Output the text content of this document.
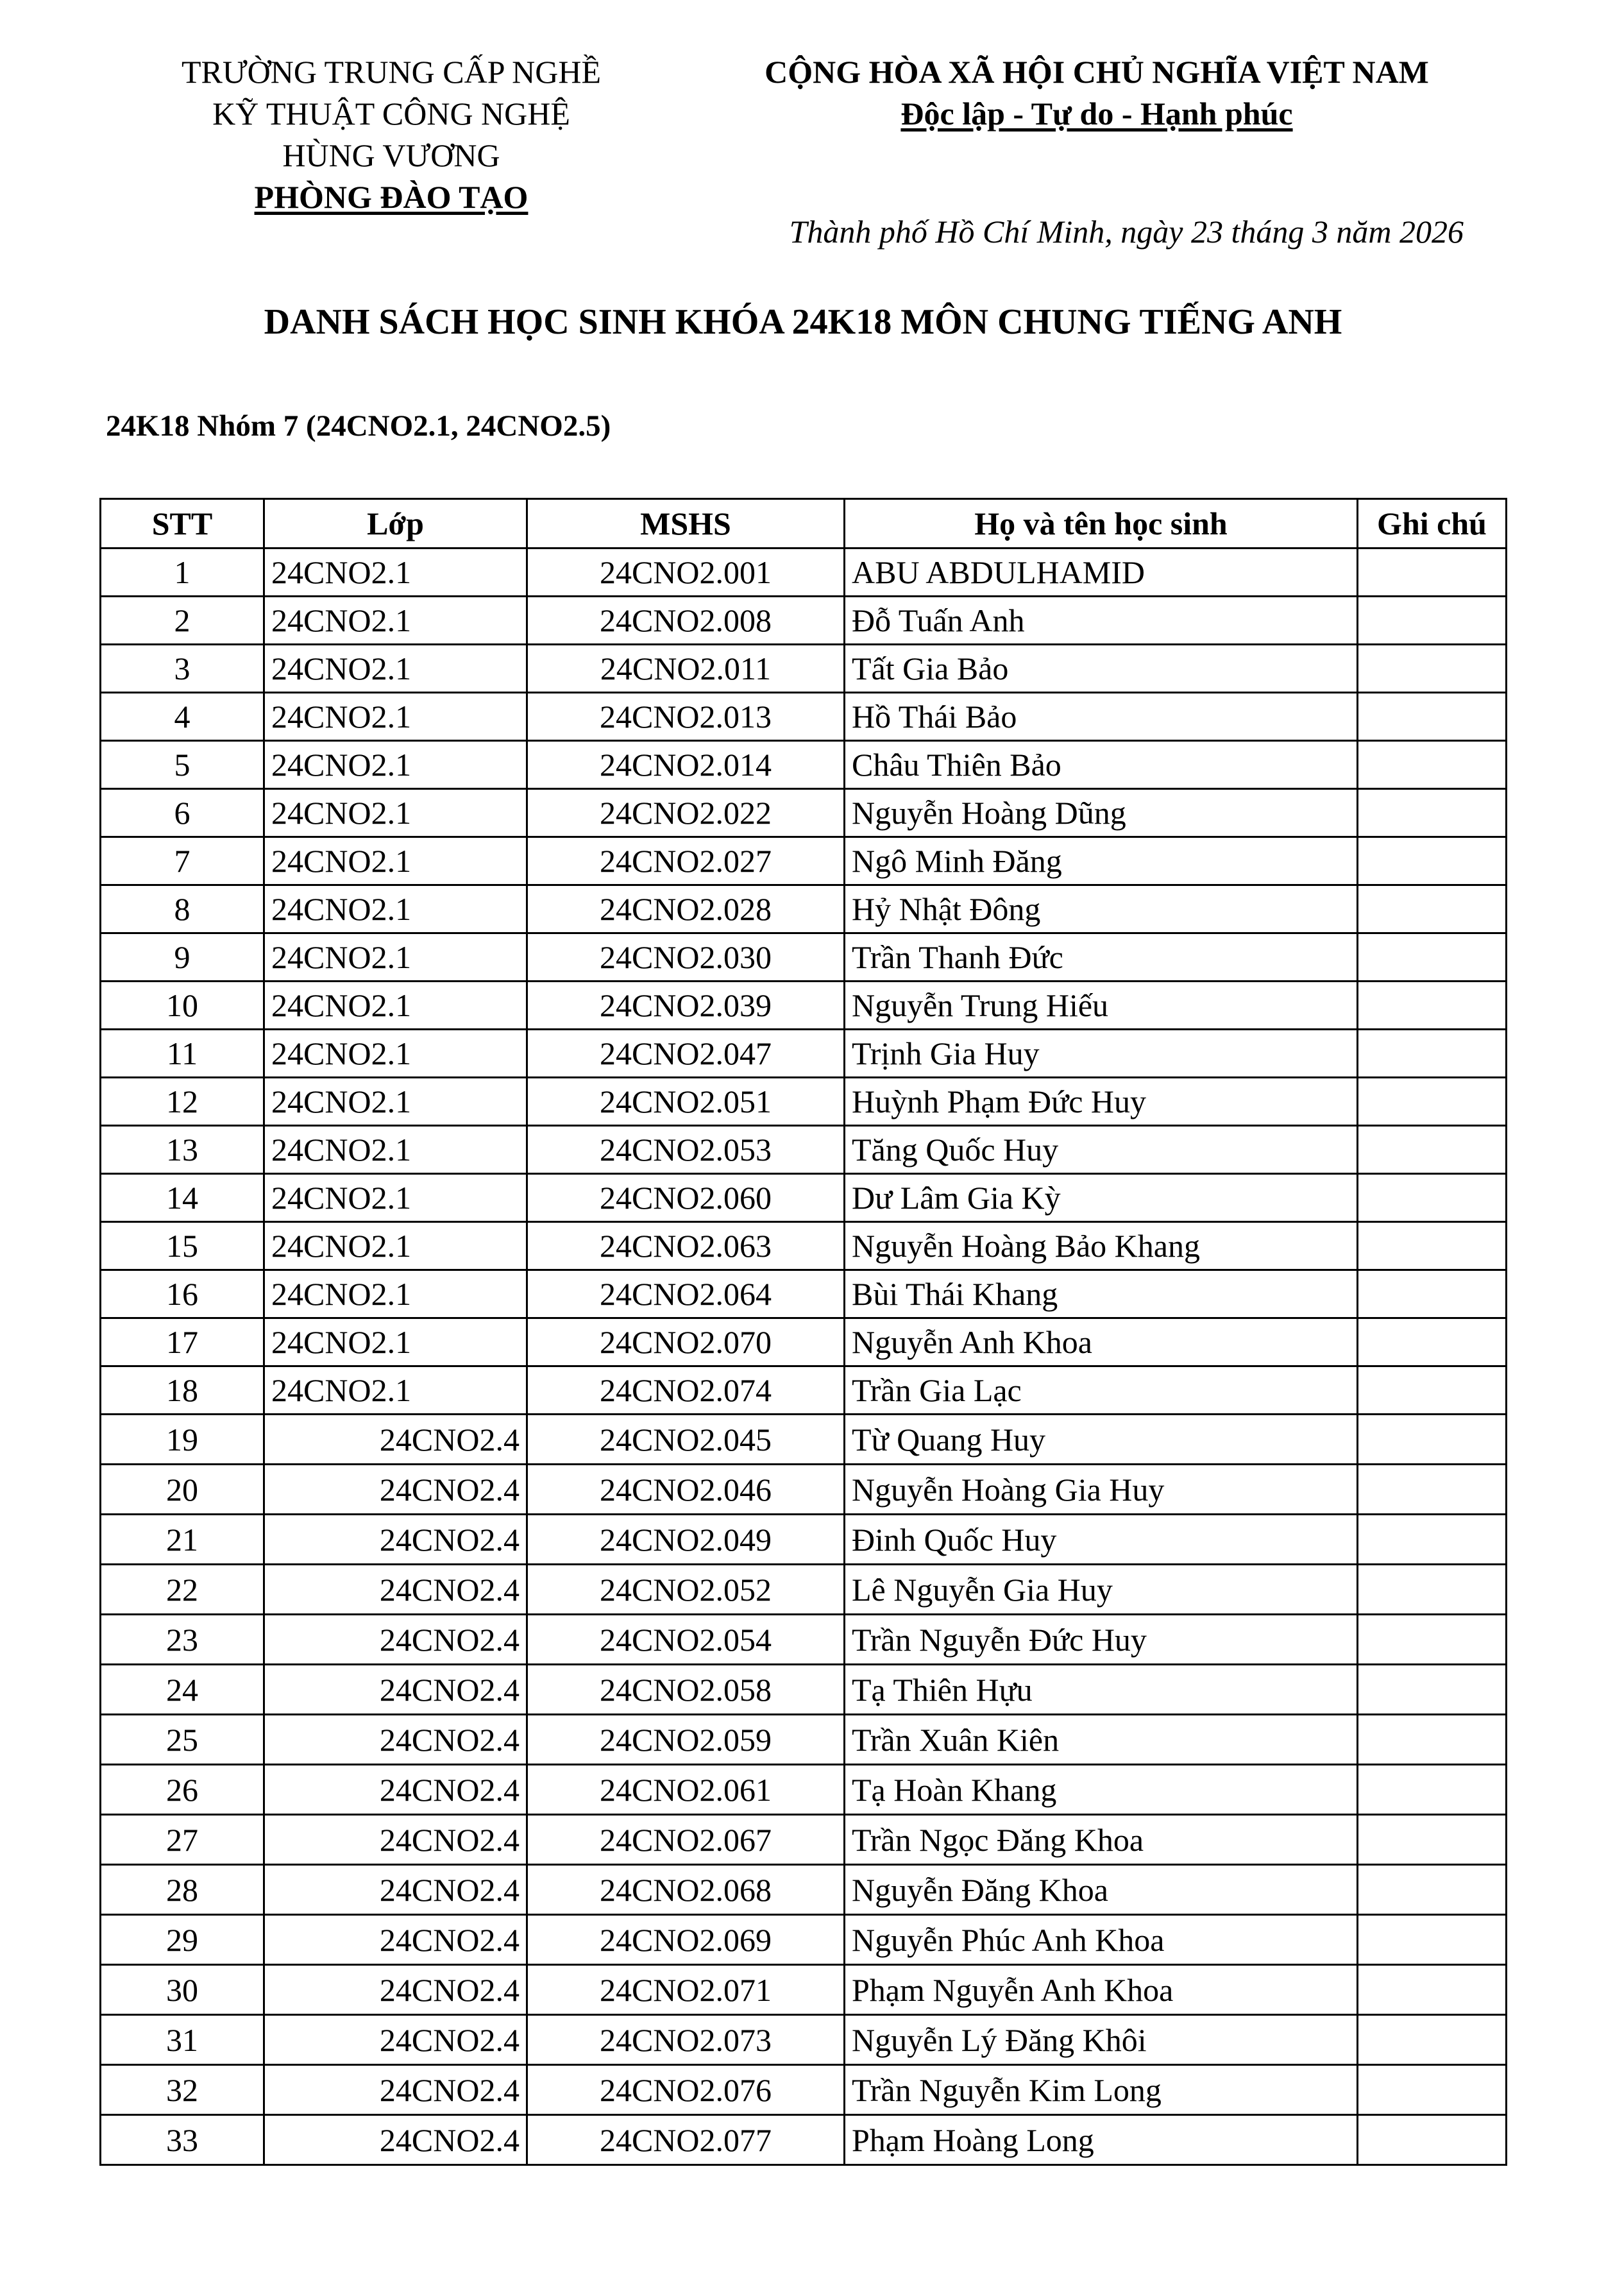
TRƯỜNG TRUNG CẤP NGHỀ
KỸ THUẬT CÔNG NGHỆ
HÙNG VƯƠNG
PHÒNG ĐÀO TẠO
CỘNG HÒA XÃ HỘI CHỦ NGHĨA VIỆT NAM
Độc lập - Tự do - Hạnh phúc
Thành phố Hồ Chí Minh, ngày 23 tháng 3 năm 2026
DANH SÁCH HỌC SINH KHÓA 24K18 MÔN CHUNG TIẾNG ANH
24K18 Nhóm 7 (24CNO2.1, 24CNO2.5)
STT	Lớp	MSHS	Họ và tên học sinh	Ghi chú
1	24CNO2.1	24CNO2.001	ABU ABDULHAMID	
2	24CNO2.1	24CNO2.008	Đỗ Tuấn Anh	
3	24CNO2.1	24CNO2.011	Tất Gia Bảo	
4	24CNO2.1	24CNO2.013	Hồ Thái Bảo	
5	24CNO2.1	24CNO2.014	Châu Thiên Bảo	
6	24CNO2.1	24CNO2.022	Nguyễn Hoàng Dũng	
7	24CNO2.1	24CNO2.027	Ngô Minh Đăng	
8	24CNO2.1	24CNO2.028	Hỷ Nhật Đông	
9	24CNO2.1	24CNO2.030	Trần Thanh Đức	
10	24CNO2.1	24CNO2.039	Nguyễn Trung Hiếu	
11	24CNO2.1	24CNO2.047	Trịnh Gia Huy	
12	24CNO2.1	24CNO2.051	Huỳnh Phạm Đức Huy	
13	24CNO2.1	24CNO2.053	Tăng Quốc Huy	
14	24CNO2.1	24CNO2.060	Dư Lâm Gia Kỳ	
15	24CNO2.1	24CNO2.063	Nguyễn Hoàng Bảo Khang	
16	24CNO2.1	24CNO2.064	Bùi Thái Khang	
17	24CNO2.1	24CNO2.070	Nguyễn Anh Khoa	
18	24CNO2.1	24CNO2.074	Trần Gia Lạc	
19	24CNO2.4	24CNO2.045	Từ Quang Huy	
20	24CNO2.4	24CNO2.046	Nguyễn Hoàng Gia Huy	
21	24CNO2.4	24CNO2.049	Đinh Quốc Huy	
22	24CNO2.4	24CNO2.052	Lê Nguyễn Gia Huy	
23	24CNO2.4	24CNO2.054	Trần Nguyễn Đức Huy	
24	24CNO2.4	24CNO2.058	Tạ Thiên Hựu	
25	24CNO2.4	24CNO2.059	Trần Xuân Kiên	
26	24CNO2.4	24CNO2.061	Tạ Hoàn Khang	
27	24CNO2.4	24CNO2.067	Trần Ngọc Đăng Khoa	
28	24CNO2.4	24CNO2.068	Nguyễn Đăng Khoa	
29	24CNO2.4	24CNO2.069	Nguyễn Phúc Anh Khoa	
30	24CNO2.4	24CNO2.071	Phạm Nguyễn Anh Khoa	
31	24CNO2.4	24CNO2.073	Nguyễn Lý Đăng Khôi	
32	24CNO2.4	24CNO2.076	Trần Nguyễn Kim Long	
33	24CNO2.4	24CNO2.077	Phạm Hoàng Long	
